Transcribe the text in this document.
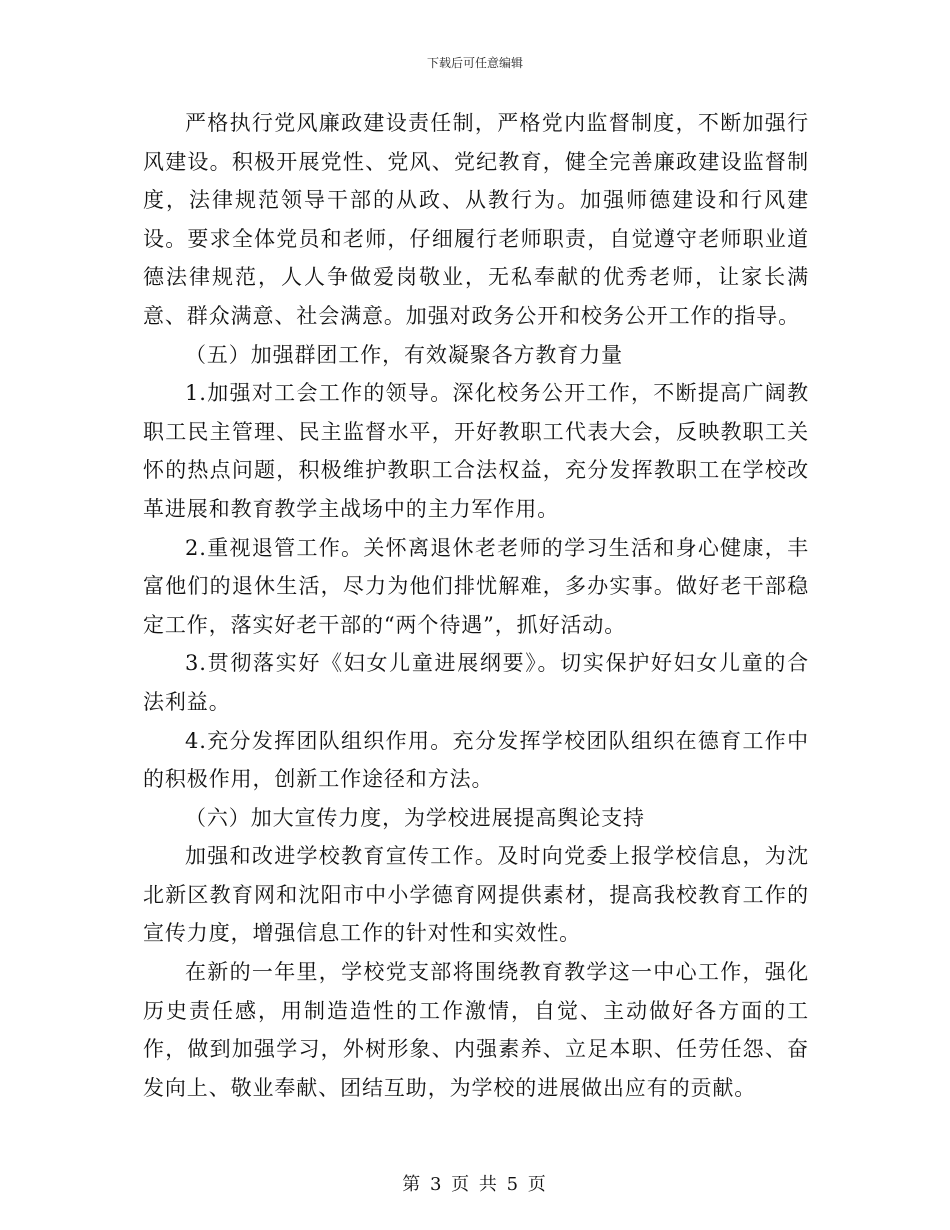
下载后可任意编辑

严格执行党风廉政建设责任制，严格党内监督制度，不断加强行风建设。积极开展党性、党风、党纪教育，健全完善廉政建设监督制度，法律规范领导干部的从政、从教行为。加强师德建设和行风建设。要求全体党员和老师，仔细履行老师职责，自觉遵守老师职业道德法律规范，人人争做爱岗敬业，无私奉献的优秀老师，让家长满意、群众满意、社会满意。加强对政务公开和校务公开工作的指导。

（五）加强群团工作，有效凝聚各方教育力量

1.加强对工会工作的领导。深化校务公开工作，不断提高广阔教职工民主管理、民主监督水平，开好教职工代表大会，反映教职工关怀的热点问题，积极维护教职工合法权益，充分发挥教职工在学校改革进展和教育教学主战场中的主力军作用。

2.重视退管工作。关怀离退休老老师的学习生活和身心健康，丰富他们的退休生活，尽力为他们排忧解难，多办实事。做好老干部稳定工作，落实好老干部的“两个待遇”，抓好活动。

3.贯彻落实好《妇女儿童进展纲要》。切实保护好妇女儿童的合法利益。

4.充分发挥团队组织作用。充分发挥学校团队组织在德育工作中的积极作用，创新工作途径和方法。

（六）加大宣传力度，为学校进展提高舆论支持

加强和改进学校教育宣传工作。及时向党委上报学校信息，为沈北新区教育网和沈阳市中小学德育网提供素材，提高我校教育工作的宣传力度，增强信息工作的针对性和实效性。

在新的一年里，学校党支部将围绕教育教学这一中心工作，强化历史责任感，用制造造性的工作激情，自觉、主动做好各方面的工作，做到加强学习，外树形象、内强素养、立足本职、任劳任怨、奋发向上、敬业奉献、团结互助，为学校的进展做出应有的贡献。

第 3 页 共 5 页
